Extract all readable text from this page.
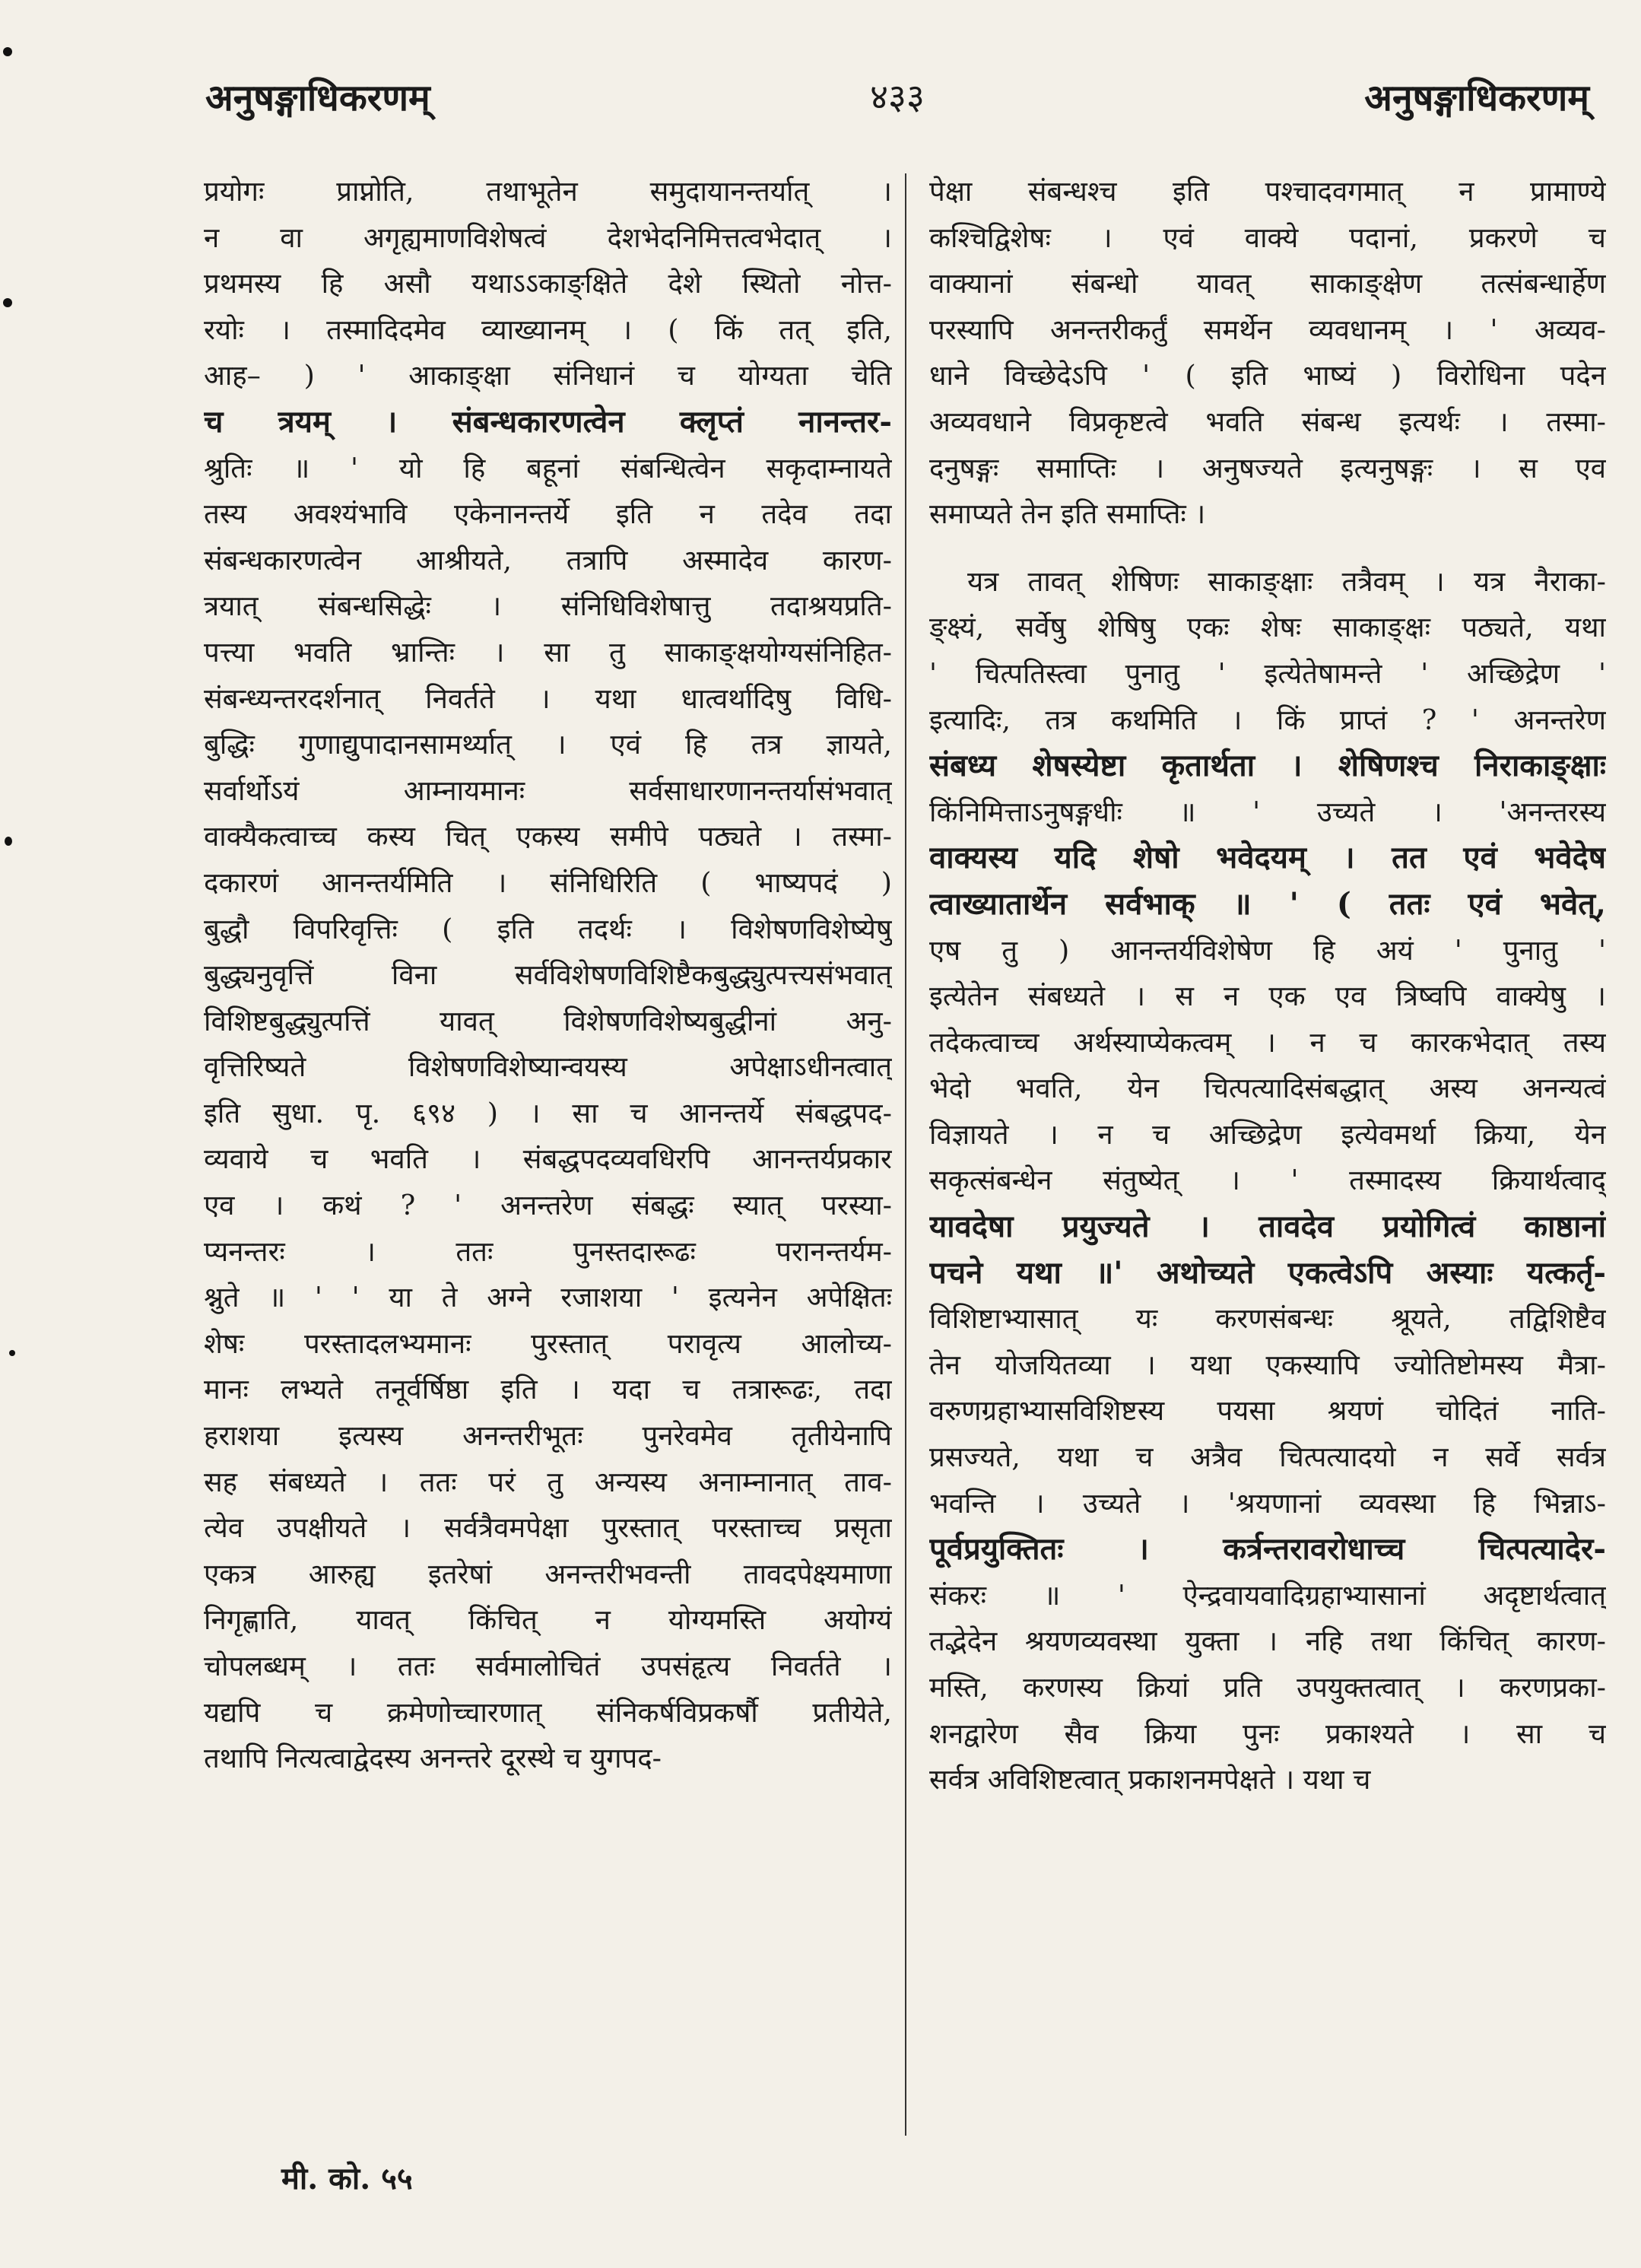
४३३
अनुषङ्गाधिकरणम्	अनुषङ्गाधिकरणम्
प्रयोगः प्राप्नोति, तथाभूतेन समुदायानन्तर्यात् ।
न वा अगृह्यमाणविशेषत्वं देशभेदनिमित्तत्वभेदात् ।
प्रथमस्य हि असौ यथाऽऽकाङ्क्षिते देशे स्थितो नोत्त-
रयोः । तस्मादिदमेव व्याख्यानम् । ( किं तत् इति,
आह– ) ' आकाङ्क्षा संनिधानं च योग्यता चेति
च त्रयम् । संबन्धकारणत्वेन क्लृप्तं नानन्तर-
श्रुतिः ॥ ' यो हि बहूनां संबन्धित्वेन सकृदाम्नायते
तस्य अवश्यंभावि एकेनानन्तर्ये इति न तदेव तदा
संबन्धकारणत्वेन आश्रीयते, तत्रापि अस्मादेव कारण-
त्रयात् संबन्धसिद्धेः । संनिधिविशेषात्तु तदाश्रयप्रति-
पत्त्या भवति भ्रान्तिः । सा तु साकाङ्क्षयोग्यसंनिहित-
संबन्ध्यन्तरदर्शनात् निवर्तते । यथा धात्वर्थादिषु विधि-
बुद्धिः गुणाद्युपादानसामर्थ्यात् । एवं हि तत्र ज्ञायते,
सर्वार्थोऽयं आम्नायमानः सर्वसाधारणानन्तर्यासंभवात्
वाक्यैकत्वाच्च कस्य चित् एकस्य समीपे पठ्यते । तस्मा-
दकारणं आनन्तर्यमिति । संनिधिरिति ( भाष्यपदं )
बुद्धौ विपरिवृत्तिः ( इति तदर्थः । विशेषणविशेष्येषु
बुद्ध्यनुवृत्तिं विना सर्वविशेषणविशिष्टैकबुद्ध्युत्पत्त्यसंभवात्
विशिष्टबुद्ध्युत्पत्तिं यावत् विशेषणविशेष्यबुद्धीनां अनु-
वृत्तिरिष्यते विशेषणविशेष्यान्वयस्य अपेक्षाऽधीनत्वात्
इति सुधा. पृ. ६९४ ) । सा च आनन्तर्ये संबद्धपद-
व्यवाये च भवति । संबद्धपदव्यवधिरपि आनन्तर्यप्रकार
एव । कथं ? ' अनन्तरेण संबद्धः स्यात् परस्या-
प्यनन्तरः । ततः पुनस्तदारूढः परानन्तर्यम-
श्नुते ॥ ' ' या ते अग्ने रजाशया ' इत्यनेन अपेक्षितः
शेषः परस्तादलभ्यमानः पुरस्तात् परावृत्य आलोच्य-
मानः लभ्यते तनूर्वर्षिष्ठा इति । यदा च तत्रारूढः, तदा
हराशया इत्यस्य अनन्तरीभूतः पुनरेवमेव तृतीयेनापि
सह संबध्यते । ततः परं तु अन्यस्य अनाम्नानात् ताव-
त्येव उपक्षीयते । सर्वत्रैवमपेक्षा पुरस्तात् परस्ताच्च प्रसृता
एकत्र आरुह्य इतरेषां अनन्तरीभवन्ती तावदपेक्ष्यमाणा
निगृह्णाति, यावत् किंचित् न योग्यमस्ति अयोग्यं
चोपलब्धम् । ततः सर्वमालोचितं उपसंहृत्य निवर्तते ।
यद्यपि च क्रमेणोच्चारणात् संनिकर्षविप्रकर्षौ प्रतीयेते,
तथापि नित्यत्वाद्वेदस्य अनन्तरे दूरस्थे च युगपद-
पेक्षा संबन्धश्च इति पश्चादवगमात् न प्रामाण्ये
कश्चिद्विशेषः । एवं वाक्ये पदानां, प्रकरणे च
वाक्यानां संबन्धो यावत् साकाङ्क्षेण तत्संबन्धार्हेण
परस्यापि अनन्तरीकर्तुं समर्थेन व्यवधानम् । ' अव्यव-
धाने विच्छेदेऽपि ' ( इति भाष्यं ) विरोधिना पदेन
अव्यवधाने विप्रकृष्टत्वे भवति संबन्ध इत्यर्थः । तस्मा-
दनुषङ्गः समाप्तिः । अनुषज्यते इत्यनुषङ्गः । स एव
समाप्यते तेन इति समाप्तिः ।
यत्र तावत् शेषिणः साकाङ्क्षाः तत्रैवम् । यत्र नैराका-
ङ्क्ष्यं, सर्वेषु शेषिषु एकः शेषः साकाङ्क्षः पठ्यते, यथा
' चित्पतिस्त्वा पुनातु ' इत्येतेषामन्ते ' अच्छिद्रेण '
इत्यादिः, तत्र कथमिति । किं प्राप्तं ? ' अनन्तरेण
संबध्य शेषस्येष्टा कृतार्थता । शेषिणश्च निराकाङ्क्षाः
किंनिमित्ताऽनुषङ्गधीः ॥ ' उच्यते । 'अनन्तरस्य
वाक्यस्य यदि शेषो भवेदयम् । तत एवं भवेदेष
त्वाख्यातार्थेन सर्वभाक् ॥ ' ( ततः एवं भवेत्,
एष तु ) आनन्तर्यविशेषेण हि अयं ' पुनातु '
इत्येतेन संबध्यते । स न एक एव त्रिष्वपि वाक्येषु ।
तदेकत्वाच्च अर्थस्याप्येकत्वम् । न च कारकभेदात् तस्य
भेदो भवति, येन चित्पत्यादिसंबद्धात् अस्य अनन्यत्वं
विज्ञायते । न च अच्छिद्रेण इत्येवमर्था क्रिया, येन
सकृत्संबन्धेन संतुष्येत् । ' तस्मादस्य क्रियार्थत्वाद्
यावदेषा प्रयुज्यते । तावदेव प्रयोगित्वं काष्ठानां
पचने यथा ॥' अथोच्यते एकत्वेऽपि अस्याः यत्कर्तृ-
विशिष्टाभ्यासात् यः करणसंबन्धः श्रूयते, तद्विशिष्टैव
तेन योजयितव्या । यथा एकस्यापि ज्योतिष्टोमस्य मैत्रा-
वरुणग्रहाभ्यासविशिष्टस्य पयसा श्रयणं चोदितं नाति-
प्रसज्यते, यथा च अत्रैव चित्पत्यादयो न सर्वे सर्वत्र
भवन्ति । उच्यते । 'श्रयणानां व्यवस्था हि भिन्नाऽ-
पूर्वप्रयुक्तितः । कर्त्रन्तरावरोधाच्च चित्पत्यादेर-
संकरः ॥ ' ऐन्द्रवायवादिग्रहाभ्यासानां अदृष्टार्थत्वात्
तद्भेदेन श्रयणव्यवस्था युक्ता । नहि तथा किंचित् कारण-
मस्ति, करणस्य क्रियां प्रति उपयुक्तत्वात् । करणप्रका-
शनद्वारेण सैव क्रिया पुनः प्रकाश्यते । सा च
सर्वत्र अविशिष्टत्वात् प्रकाशनमपेक्षते । यथा च
मी. को. ५५
